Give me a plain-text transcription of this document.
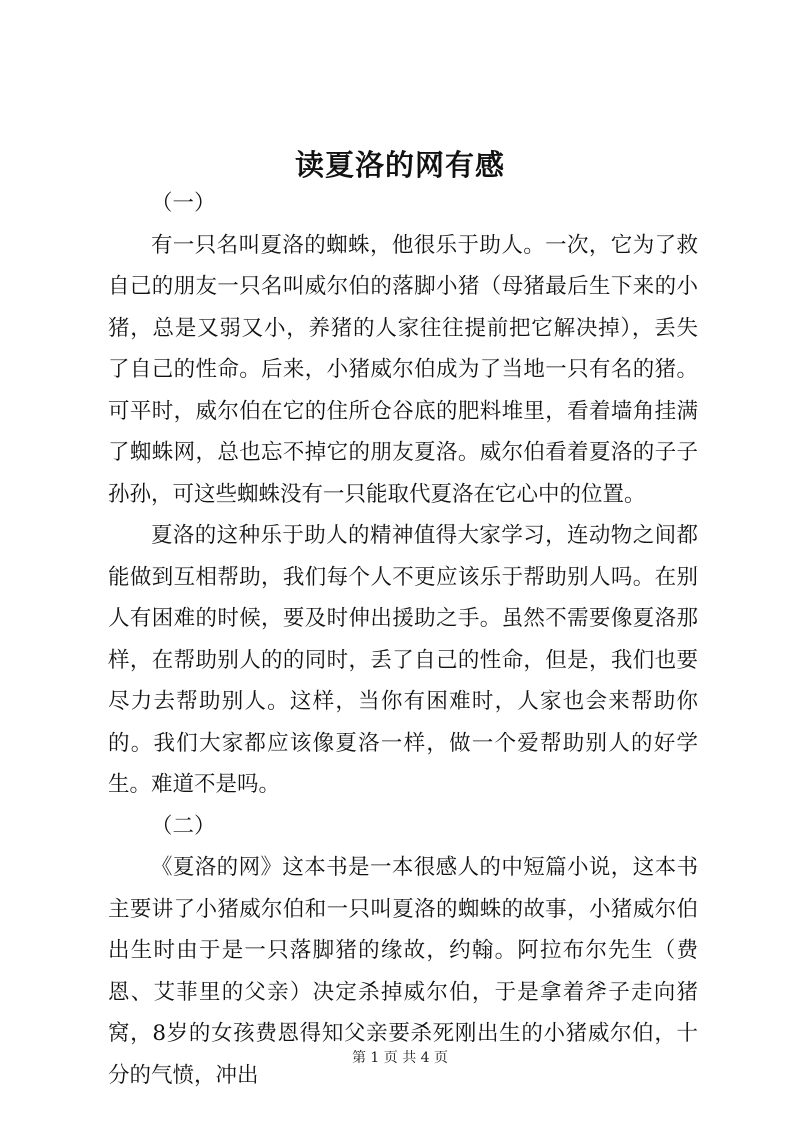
读夏洛的网有感

（一）

有一只名叫夏洛的蜘蛛，他很乐于助人。一次，它为了救自己的朋友一只名叫威尔伯的落脚小猪（母猪最后生下来的小猪，总是又弱又小，养猪的人家往往提前把它解决掉），丢失了自己的性命。后来，小猪威尔伯成为了当地一只有名的猪。可平时，威尔伯在它的住所仓谷底的肥料堆里，看着墙角挂满了蜘蛛网，总也忘不掉它的朋友夏洛。威尔伯看着夏洛的子子孙孙，可这些蜘蛛没有一只能取代夏洛在它心中的位置。

夏洛的这种乐于助人的精神值得大家学习，连动物之间都能做到互相帮助，我们每个人不更应该乐于帮助别人吗。在别人有困难的时候，要及时伸出援助之手。虽然不需要像夏洛那样，在帮助别人的的同时，丢了自己的性命，但是，我们也要尽力去帮助别人。这样，当你有困难时，人家也会来帮助你的。我们大家都应该像夏洛一样，做一个爱帮助别人的好学生。难道不是吗。

（二）

《夏洛的网》这本书是一本很感人的中短篇小说，这本书主要讲了小猪威尔伯和一只叫夏洛的蜘蛛的故事，小猪威尔伯出生时由于是一只落脚猪的缘故，约翰。阿拉布尔先生（费恩、艾菲里的父亲）决定杀掉威尔伯，于是拿着斧子走向猪窝，8岁的女孩费恩得知父亲要杀死刚出生的小猪威尔伯，十分的气愤，冲出

第 1 页 共 4 页
